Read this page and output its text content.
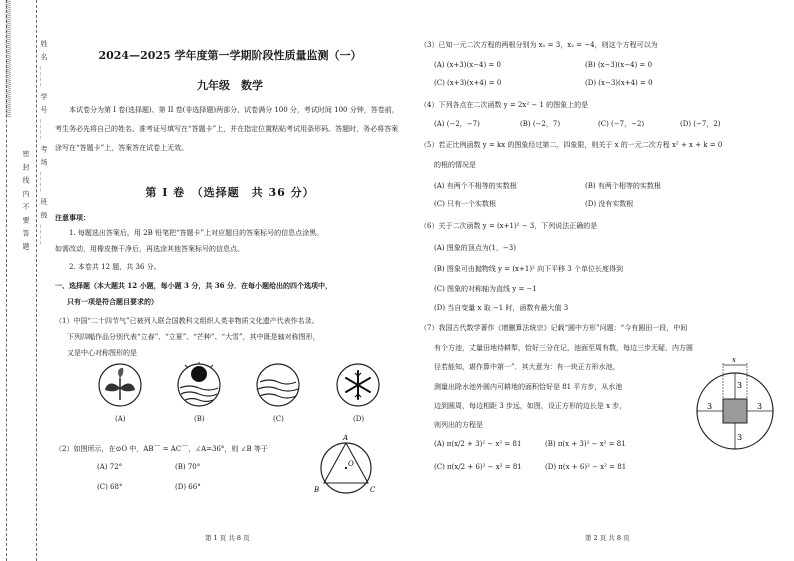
//////////////////////////////////////////////////////////	姓 名 ____ 学 号 ____ 考 场 ____ 班 级 ____
密 封 线 内 不 要 答 题
2024—2025 学年度第一学期阶段性质量监测（一）
九年级　数学
本试卷分为第 I 卷(选择题)、第 II 卷(非选择题)两部分，试卷满分 100 分，考试时间 100 分钟，答卷前，考生务必先将自己的姓名、准考证号填写在“答题卡”上，并在指定位置粘贴考试用条形码。答题时，务必将答案涂写在“答题卡”上，答案答在试卷上无效。
第 I 卷　（选择题　共 36 分）
注意事项：
1. 每题选出答案后，用 2B 铅笔把“答题卡”上对应题目的答案标号的信息点涂黑。
如需改动，用橡皮擦干净后，再选涂其他答案标号的信息点。
2. 本卷共 12 题，共 36 分。
一、选择题（本大题共 12 小题，每小题 3 分，共 36 分．在每小题给出的四个选项中，
只有一项是符合题目要求的）
（1）中国“二十四节气”已被列入联合国教科文组织人类非物质文化遗产代表作名录。
下列四幅作品分别代表“立春”、“立夏”、“芒种”、“大雪”，其中既是轴对称图形，
又是中心对称图形的是
(A)	(B)	(C)	(D)
（2）如图所示，在⊙O 中，AB⌒ = AC⌒，∠A=36°，则 ∠B 等于
(A) 72°	(B) 70°
(C) 68°	(D) 66°
A
B	C
O
第 1 页 共 8 页
（3）已知一元二次方程的两根分别为 x₁ = 3，x₂ = −4，则这个方程可以为
(A) (x+3)(x−4) = 0	(B) (x−3)(x−4) = 0
(C) (x+3)(x+4) = 0	(D) (x−3)(x+4) = 0
（4）下列各点在二次函数 y = 2x² − 1 的图象上的是
(A) (−2，−7)	(B) (−2，7)	(C) (−7，−2)	(D) (−7，2)
（5）若正比例函数 y = kx 的图象经过第二、四象限，则关于 x 的一元二次方程 x² + x + k = 0
的根的情况是
(A) 有两个不相等的实数根	(B) 有两个相等的实数根
(C) 只有一个实数根	(D) 没有实数根
（6）关于二次函数 y = (x+1)² − 3，下列说法正确的是
(A) 图象的顶点为(1，−3)
(B) 图象可由抛物线 y = (x+1)² 向下平移 3 个单位长度得到
(C) 图象的对称轴为直线 y = −1
(D) 当自变量 x 取 −1 时，函数有最大值 3
（7）我国古代数学著作《增删算法统宗》记载“圆中方形”问题：“今有圆田一段，中间
有个方池，丈量田地待耕犁，恰好三分在记，池面至周有数，每边三步无疑，内方圆
径若能知，堪作算中第一”．其大意为：有一块正方形水池，
测量出除水池外圆内可耕地的面积恰好是 81 平方步，从水池
边到圆周，每边相距 3 步远，如图，设正方形的边长是 x 步，
则列出的方程是
(A) π(x/2 + 3)² − x² = 81	(B) π(x + 3)² − x² = 81
(C) π(x/2 + 6)² − x² = 81	(D) π(x + 6)² − x² = 81
x
3
3
3	3
第 2 页 共 8 页
